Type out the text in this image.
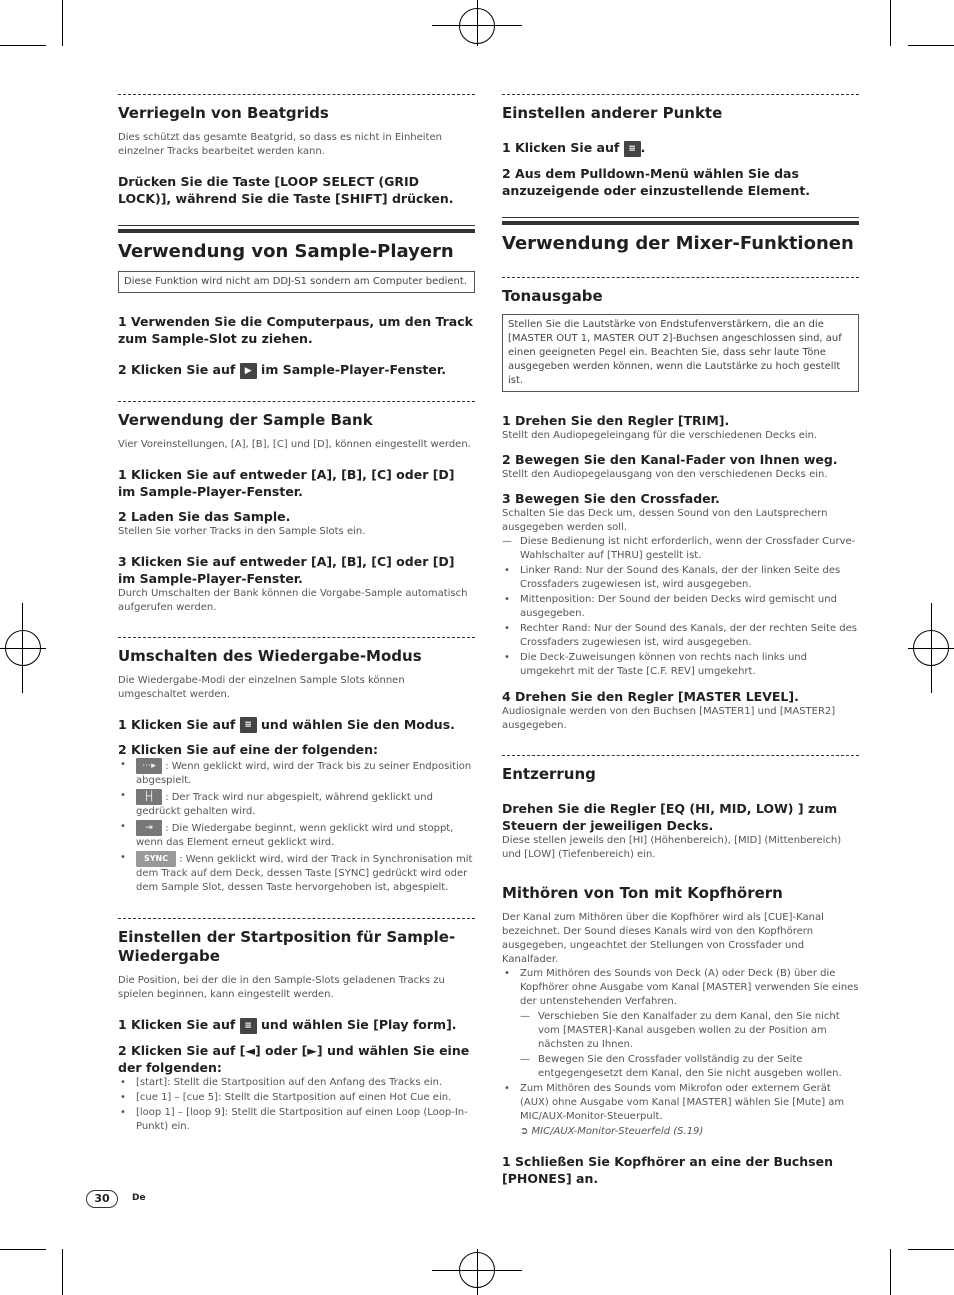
Verriegeln von Beatgrids

Dies schützt das gesamte Beatgrid, so dass es nicht in Einheiten einzelner Tracks bearbeitet werden kann.

Drücken Sie die Taste [LOOP SELECT (GRID LOCK)], während Sie die Taste [SHIFT] drücken.

Verwendung von Sample-Playern
Diese Funktion wird nicht am DDJ-S1 sondern am Computer bedient.

1 Verwenden Sie die Computerpaus, um den Track zum Sample-Slot zu ziehen.

2 Klicken Sie auf ▶ im Sample-Player-Fenster.

Verwendung der Sample Bank

Vier Voreinstellungen, [A], [B], [C] und [D], können eingestellt werden.

1 Klicken Sie auf entweder [A], [B], [C] oder [D] im Sample-Player-Fenster.

2 Laden Sie das Sample.

Stellen Sie vorher Tracks in den Sample Slots ein.

3 Klicken Sie auf entweder [A], [B], [C] oder [D] im Sample-Player-Fenster.

Durch Umschalten der Bank können die Vorgabe-Sample automatisch aufgerufen werden.

Umschalten des Wiedergabe-Modus

Die Wiedergabe-Modi der einzelnen Sample Slots können umgeschaltet werden.

1 Klicken Sie auf ≡ und wählen Sie den Modus.

2 Klicken Sie auf eine der folgenden:

• ⋯▸ : Wenn geklickt wird, wird der Track bis zu seiner Endposition abgespielt.
• ├┤ : Der Track wird nur abgespielt, während geklickt und gedrückt gehalten wird.
• ⇥ : Die Wiedergabe beginnt, wenn geklickt wird und stoppt, wenn das Element erneut geklickt wird.
• SYNC : Wenn geklickt wird, wird der Track in Synchronisation mit dem Track auf dem Deck, dessen Taste [SYNC] gedrückt wird oder dem Sample Slot, dessen Taste hervorgehoben ist, abgespielt.
Einstellen der Startposition für Sample-Wiedergabe

Die Position, bei der die in den Sample-Slots geladenen Tracks zu spielen beginnen, kann eingestellt werden.

1 Klicken Sie auf ≡ und wählen Sie [Play form].

2 Klicken Sie auf [◄] oder [►] und wählen Sie eine der folgenden:

• [start]: Stellt die Startposition auf den Anfang des Tracks ein.
• [cue 1] – [cue 5]: Stellt die Startposition auf einen Hot Cue ein.
• [loop 1] – [loop 9]: Stellt die Startposition auf einen Loop (Loop-In-Punkt) ein.
Einstellen anderer Punkte

1 Klicken Sie auf ≡ .

2 Aus dem Pulldown-Menü wählen Sie das anzuzeigende oder einzustellende Element.

Verwendung der Mixer-Funktionen
Tonausgabe
Stellen Sie die Lautstärke von Endstufenverstärkern, die an die [MASTER OUT 1, MASTER OUT 2]-Buchsen angeschlossen sind, auf einen geeigneten Pegel ein. Beachten Sie, dass sehr laute Töne ausgegeben werden können, wenn die Lautstärke zu hoch gestellt ist.

1 Drehen Sie den Regler [TRIM].

Stellt den Audiopegeleingang für die verschiedenen Decks ein.

2 Bewegen Sie den Kanal-Fader von Ihnen weg.

Stellt den Audiopegelausgang von den verschiedenen Decks ein.

3 Bewegen Sie den Crossfader.

Schalten Sie das Deck um, dessen Sound von den Lautsprechern ausgegeben werden soll.

— Diese Bedienung ist nicht erforderlich, wenn der Crossfader Curve-Wahlschalter auf [THRU] gestellt ist.
• Linker Rand: Nur der Sound des Kanals, der der linken Seite des Crossfaders zugewiesen ist, wird ausgegeben.
• Mittenposition: Der Sound der beiden Decks wird gemischt und ausgegeben.
• Rechter Rand: Nur der Sound des Kanals, der der rechten Seite des Crossfaders zugewiesen ist, wird ausgegeben.
• Die Deck-Zuweisungen können von rechts nach links und umgekehrt mit der Taste [C.F. REV] umgekehrt.

4 Drehen Sie den Regler [MASTER LEVEL].

Audiosignale werden von den Buchsen [MASTER1] und [MASTER2] ausgegeben.

Entzerrung

Drehen Sie die Regler [EQ (HI, MID, LOW) ] zum Steuern der jeweiligen Decks.

Diese stellen jeweils den [HI] (Höhenbereich), [MID] (Mittenbereich) und [LOW] (Tiefenbereich) ein.

Mithören von Ton mit Kopfhörern

Der Kanal zum Mithören über die Kopfhörer wird als [CUE]-Kanal bezeichnet. Der Sound dieses Kanals wird von den Kopfhörern ausgegeben, ungeachtet der Stellungen von Crossfader und Kanalfader.

• Zum Mithören des Sounds von Deck (A) oder Deck (B) über die Kopfhörer ohne Ausgabe vom Kanal [MASTER] verwenden Sie eines der untenstehenden Verfahren.
— Verschieben Sie den Kanalfader zu dem Kanal, den Sie nicht vom [MASTER]-Kanal ausgeben wollen zu der Position am nächsten zu Ihnen.
— Bewegen Sie den Crossfader vollständig zu der Seite entgegengesetzt dem Kanal, den Sie nicht ausgeben wollen.
• Zum Mithören des Sounds vom Mikrofon oder externem Gerät (AUX) ohne Ausgabe vom Kanal [MASTER] wählen Sie [Mute] am MIC/AUX-Monitor-Steuerpult.

➲ MIC/AUX-Monitor-Steuerfeld (S.19)

1 Schließen Sie Kopfhörer an eine der Buchsen [PHONES] an.

30	De
